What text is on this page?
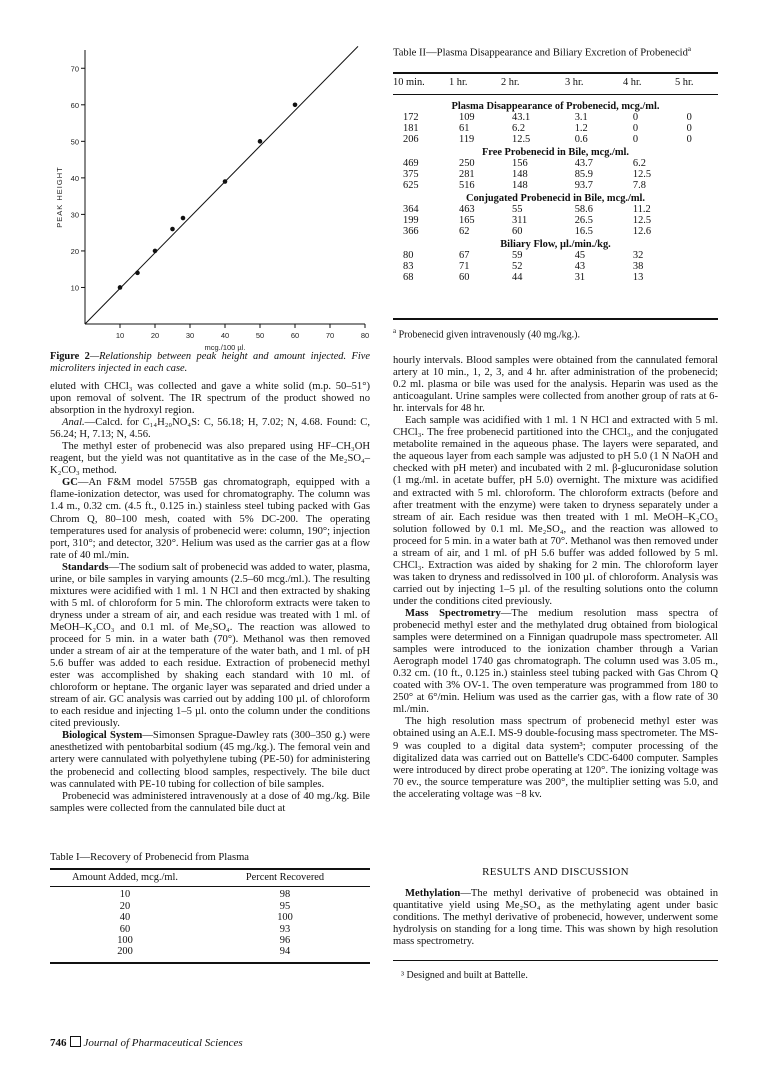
10	20	30	40	50	60	70	80
10
20
30
40
50
60
70
mcg./100 µl.
PEAK HEIGHT
Figure 2—Relationship between peak height and amount injected. Five microliters injected in each case.

eluted with CHCl₃ was collected and gave a white solid (m.p. 50–51°) upon removal of solvent. The IR spectrum of the product showed no absorption in the hydroxyl region.

Anal.—Calcd. for C₁₄H₂₀NO₄S: C, 56.18; H, 7.02; N, 4.68. Found: C, 56.24; H, 7.13; N, 4.56.

The methyl ester of probenecid was also prepared using HF–CH₃OH reagent, but the yield was not quantitative as in the case of the Me₂SO₄–K₂CO₃ method.

GC—An F&M model 5755B gas chromatograph, equipped with a flame-ionization detector, was used for chromatography. The column was 1.4 m., 0.32 cm. (4.5 ft., 0.125 in.) stainless steel tubing packed with Gas Chrom Q, 80–100 mesh, coated with 5% DC-200. The operating temperatures used for analysis of probenecid were: column, 190°; injection port, 310°; and detector, 320°. Helium was used as the carrier gas at a flow rate of 40 ml./min.

Standards—The sodium salt of probenecid was added to water, plasma, urine, or bile samples in varying amounts (2.5–60 mcg./ml.). The resulting mixtures were acidified with 1 ml. 1 N HCl and then extracted by shaking with 5 ml. of chloroform for 5 min. The chloroform extracts were taken to dryness under a stream of air, and each residue was treated with 1 ml. of MeOH–K₂CO₃ and 0.1 ml. of Me₂SO₄. The reaction was allowed to proceed for 5 min. in a water bath (70°). Methanol was then removed under a stream of air at the temperature of the water bath, and 1 ml. of pH 5.6 buffer was added to each residue. Extraction of probenecid methyl ester was accomplished by shaking each standard with 10 ml. of chloroform or heptane. The organic layer was separated and dried under a stream of air. GC analysis was carried out by adding 100 µl. of chloroform to each residue and injecting 1–5 µl. onto the column under the conditions cited previously.

Biological System—Simonsen Sprague-Dawley rats (300–350 g.) were anesthetized with pentobarbital sodium (45 mg./kg.). The femoral vein and artery were cannulated with polyethylene tubing (PE-50) for administering the probenecid and collecting blood samples, respectively. The bile duct was cannulated with PE-10 tubing for collection of bile samples.

Probenecid was administered intravenously at a dose of 40 mg./kg. Bile samples were collected from the cannulated bile duct at

Table I—Recovery of Probenecid from Plasma
Amount Added, mcg./ml.	Percent Recovered
10	98
20	95
40	100
60	93
100	96
200	94
Table II—Plasma Disappearance and Biliary Excretion of Probenecid$^a$
10 min.	1 hr.	2 hr.	3 hr.	4 hr.	5 hr.
Plasma Disappearance of Probenecid, mcg./ml.					
172	109	43.1	3.1	0	0
181	61	6.2	1.2	0	0
206	119	12.5	0.6	0	0
Free Probenecid in Bile, mcg./ml.					
469	250	156	43.7	6.2	
375	281	148	85.9	12.5	
625	516	148	93.7	7.8	
Conjugated Probenecid in Bile, mcg./ml.					
364	463	55	58.6	11.2	
199	165	311	26.5	12.5	
366	62	60	16.5	12.6	
Biliary Flow, µl./min./kg.					
80	67	59	45	32	
83	71	52	43	38	
68	60	44	31	13	
$^a$ Probenecid given intravenously (40 mg./kg.).

hourly intervals. Blood samples were obtained from the cannulated femoral artery at 10 min., 1, 2, 3, and 4 hr. after administration of the probenecid; 0.2 ml. plasma or bile was used for the analysis. Heparin was used as the anticoagulant. Urine samples were collected from another group of rats at 6-hr. intervals for 48 hr.

Each sample was acidified with 1 ml. 1 N HCl and extracted with 5 ml. CHCl₃. The free probenecid partitioned into the CHCl₃, and the conjugated metabolite remained in the aqueous phase. The layers were separated, and the aqueous layer from each sample was adjusted to pH 5.0 (1 N NaOH and checked with pH meter) and incubated with 2 ml. β-glucuronidase solution (1 mg./ml. in acetate buffer, pH 5.0) overnight. The mixture was acidified and extracted with 5 ml. chloroform. The chloroform extracts (before and after treatment with the enzyme) were taken to dryness separately under a stream of air. Each residue was then treated with 1 ml. MeOH–K₂CO₃ solution followed by 0.1 ml. Me₂SO₄, and the reaction was allowed to proceed for 5 min. in a water bath at 70°. Methanol was then removed under a stream of air, and 1 ml. of pH 5.6 buffer was added followed by 5 ml. CHCl₃. Extraction was aided by shaking for 2 min. The chloroform layer was taken to dryness and redissolved in 100 µl. of chloroform. Analysis was carried out by injecting 1–5 µl. of the resulting solutions onto the column under the conditions cited previously.

Mass Spectrometry—The medium resolution mass spectra of probenecid methyl ester and the methylated drug obtained from biological samples were determined on a Finnigan quadrupole mass spectrometer. All samples were introduced to the ionization chamber through a Varian Aerograph model 1740 gas chromatograph. The column used was 3.05 m., 0.32 cm. (10 ft., 0.125 in.) stainless steel tubing packed with Gas Chrom Q coated with 3% OV-1. The oven temperature was programmed from 180 to 250° at 6°/min. Helium was used as the carrier gas, with a flow rate of 30 ml./min.

The high resolution mass spectrum of probenecid methyl ester was obtained using an A.E.I. MS-9 double-focusing mass spectrometer. The MS-9 was coupled to a digital data system³; computer processing of the digitalized data was carried out on Battelle's CDC-6400 computer. Samples were introduced by direct probe operating at 120°. The ionizing voltage was 70 ev., the source temperature was 200°, the multiplier setting was 5.0, and the accelerating voltage was −8 kv.

RESULTS AND DISCUSSION

Methylation—The methyl derivative of probenecid was obtained in quantitative yield using Me₂SO₄ as the methylating agent under basic conditions. The methyl derivative of probenecid, however, underwent some hydrolysis on standing for a long time. This was shown by high resolution mass spectrometry.

³ Designed and built at Battelle.
746 Journal of Pharmaceutical Sciences
